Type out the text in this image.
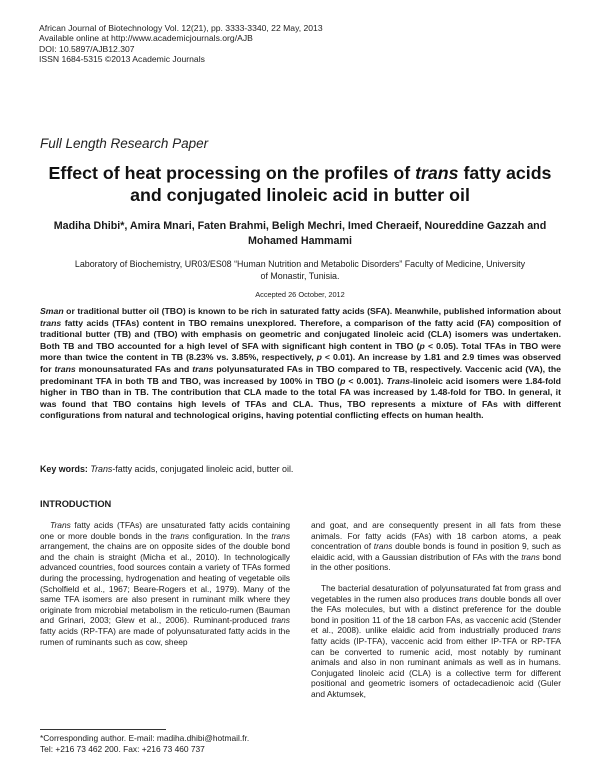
African Journal of Biotechnology Vol. 12(21), pp. 3333-3340, 22 May, 2013
Available online at http://www.academicjournals.org/AJB
DOI: 10.5897/AJB12.307
ISSN 1684-5315 ©2013 Academic Journals
Full Length Research Paper
Effect of heat processing on the profiles of trans fatty acids and conjugated linoleic acid in butter oil
Madiha Dhibi*, Amira Mnari, Faten Brahmi, Beligh Mechri, Imed Cheraeif, Noureddine Gazzah and Mohamed Hammami
Laboratory of Biochemistry, UR03/ES08 “Human Nutrition and Metabolic Disorders” Faculty of Medicine, University of Monastir, Tunisia.
Accepted 26 October, 2012
Sman or traditional butter oil (TBO) is known to be rich in saturated fatty acids (SFA). Meanwhile, published information about trans fatty acids (TFAs) content in TBO remains unexplored. Therefore, a comparison of the fatty acid (FA) composition of traditional butter (TB) and (TBO) with emphasis on geometric and conjugated linoleic acid (CLA) isomers was undertaken. Both TB and TBO accounted for a high level of SFA with significant high content in TBO (p < 0.05). Total TFAs in TBO were more than twice the content in TB (8.23% vs. 3.85%, respectively, p < 0.01). An increase by 1.81 and 2.9 times was observed for trans monounsaturated FAs and trans polyunsaturated FAs in TBO compared to TB, respectively. Vaccenic acid (VA), the predominant TFA in both TB and TBO, was increased by 100% in TBO (p < 0.001). Trans-linoleic acid isomers were 1.84-fold higher in TBO than in TB. The contribution that CLA made to the total FA was increased by 1.48-fold for TBO. In general, it was found that TBO contains high levels of TFAs and CLA. Thus, TBO represents a mixture of FAs with different configurations from natural and technological origins, having potential conflicting effects on human health.
Key words: Trans-fatty acids, conjugated linoleic acid, butter oil.
INTRODUCTION

Trans fatty acids (TFAs) are unsaturated fatty acids containing one or more double bonds in the trans configuration. In the trans arrangement, the chains are on opposite sides of the double bond and the chain is straight (Micha et al., 2010). In technologically advanced countries, food sources contain a variety of TFAs formed during the processing, hydrogenation and heating of vegetable oils (Scholfield et al., 1967; Beare-Rogers et al., 1979). Many of the same TFA isomers are also present in ruminant milk where they originate from microbial metabolism in the reticulo-rumen (Bauman and Grinari, 2003; Glew et al., 2006). Ruminant-produced trans fatty acids (RP-TFA) are made of polyunsaturated fatty acids in the rumen of ruminants such as cow, sheep

and goat, and are consequently present in all fats from these animals. For fatty acids (FAs) with 18 carbon atoms, a peak concentration of trans double bonds is found in position 9, such as elaidic acid, with a Gaussian distribution of FAs with the trans bond in the other positions.

The bacterial desaturation of polyunsaturated fat from grass and vegetables in the rumen also produces trans double bonds all over the FAs molecules, but with a distinct preference for the double bond in position 11 of the 18 carbon FAs, as vaccenic acid (Stender et al., 2008). unlike elaidic acid from industrially produced trans fatty acids (IP-TFA), vaccenic acid from either IP-TFA or RP-TFA can be converted to rumenic acid, most notably by ruminant animals and also in non ruminant animals as well as in humans. Conjugated linoleic acid (CLA) is a collective term for different positional and geometric isomers of octadecadienoic acid (Guler and Aktumsek,

*Corresponding author. E-mail: madiha.dhibi@hotmail.fr.
Tel: +216 73 462 200. Fax: +216 73 460 737
